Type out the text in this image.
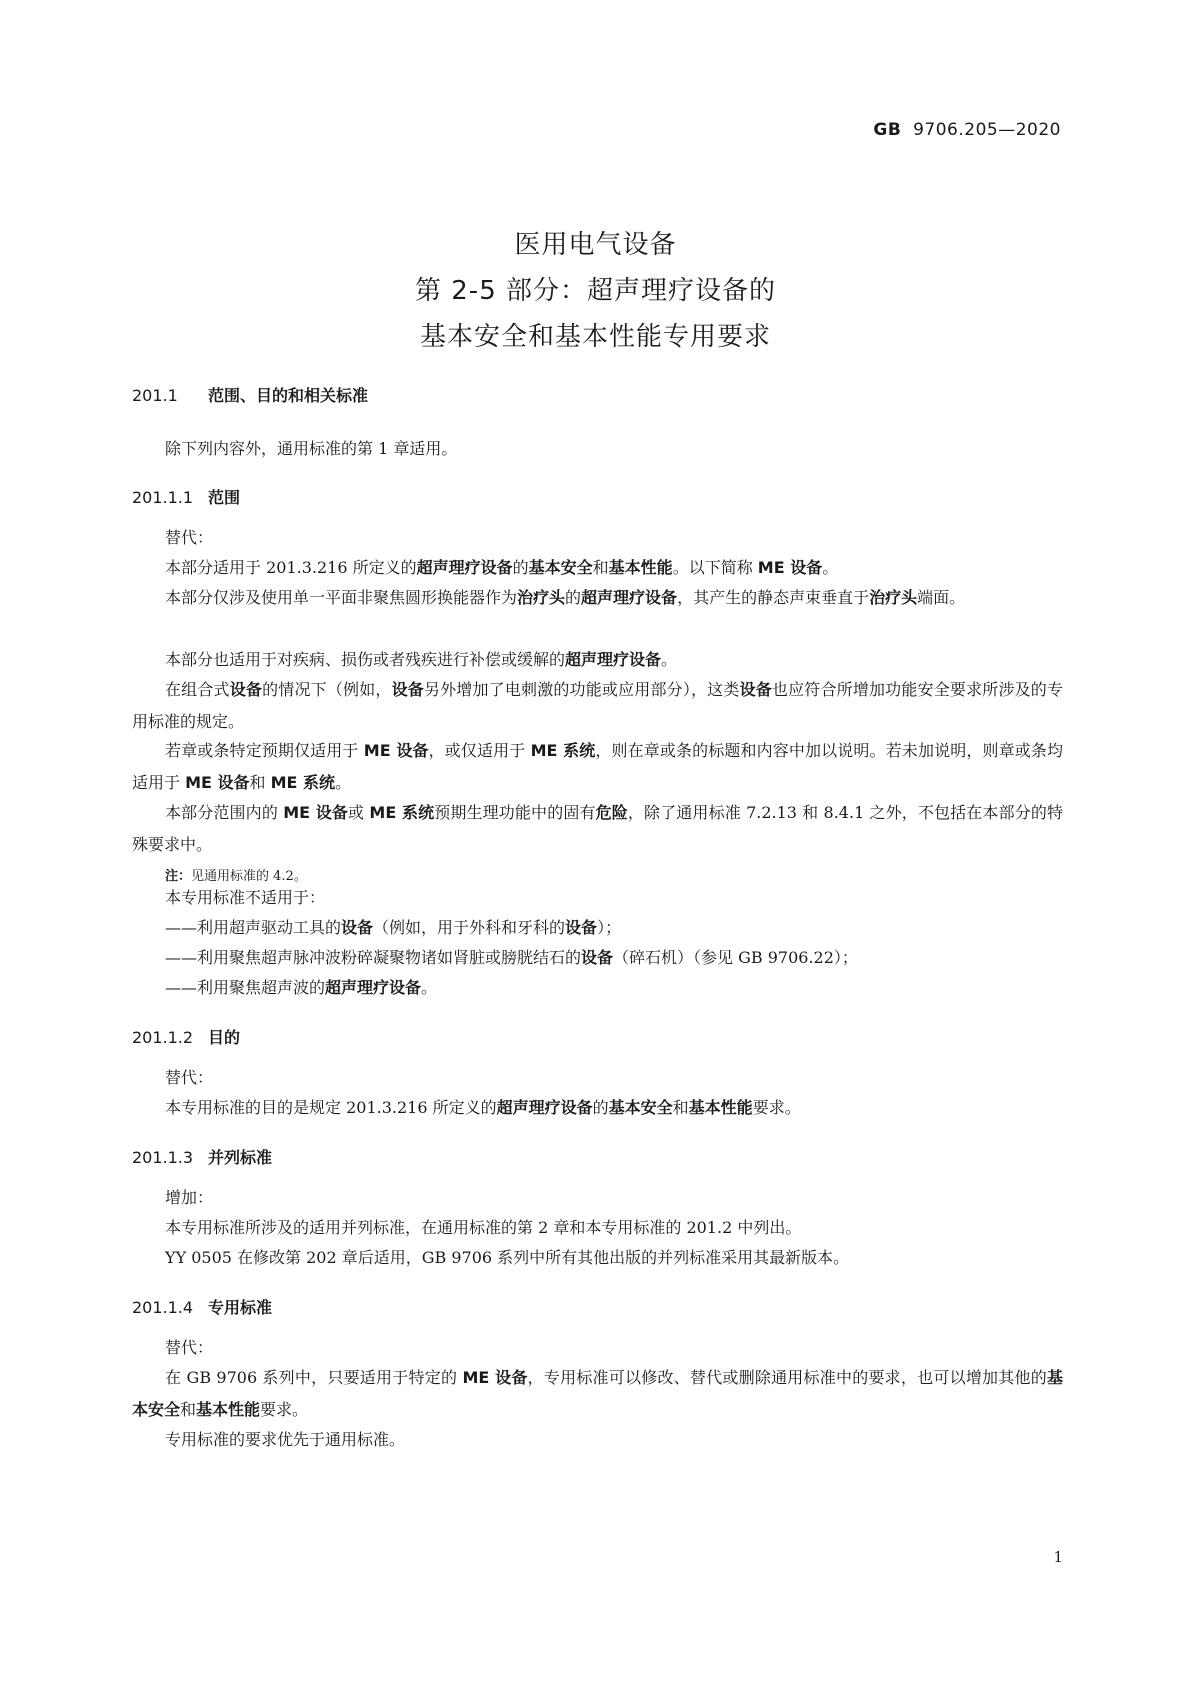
GB 9706.205—2020
医用电气设备
第 2-5 部分：超声理疗设备的
基本安全和基本性能专用要求
201.1 范围、目的和相关标准
除下列内容外，通用标准的第 1 章适用。
201.1.1 范围
替代：
本部分适用于 201.3.216 所定义的超声理疗设备的基本安全和基本性能。以下简称 ME 设备。
本部分仅涉及使用单一平面非聚焦圆形换能器作为治疗头的超声理疗设备，其产生的静态声束垂直于治疗头端面。
本部分也适用于对疾病、损伤或者残疾进行补偿或缓解的超声理疗设备。
在组合式设备的情况下（例如，设备另外增加了电刺激的功能或应用部分），这类设备也应符合所增加功能安全要求所涉及的专用标准的规定。
若章或条特定预期仅适用于 ME 设备，或仅适用于 ME 系统，则在章或条的标题和内容中加以说明。若未加说明，则章或条均适用于 ME 设备和 ME 系统。
本部分范围内的 ME 设备或 ME 系统预期生理功能中的固有危险，除了通用标准 7.2.13 和 8.4.1 之外，不包括在本部分的特殊要求中。
注：见通用标准的 4.2。
本专用标准不适用于：
——利用超声驱动工具的设备（例如，用于外科和牙科的设备）；
——利用聚焦超声脉冲波粉碎凝聚物诸如肾脏或膀胱结石的设备（碎石机）（参见 GB 9706.22）；
——利用聚焦超声波的超声理疗设备。
201.1.2 目的
替代：
本专用标准的目的是规定 201.3.216 所定义的超声理疗设备的基本安全和基本性能要求。
201.1.3 并列标准
增加：
本专用标准所涉及的适用并列标准，在通用标准的第 2 章和本专用标准的 201.2 中列出。
YY 0505 在修改第 202 章后适用，GB 9706 系列中所有其他出版的并列标准采用其最新版本。
201.1.4 专用标准
替代：
在 GB 9706 系列中，只要适用于特定的 ME 设备，专用标准可以修改、替代或删除通用标准中的要求，也可以增加其他的基本安全和基本性能要求。
专用标准的要求优先于通用标准。
1
